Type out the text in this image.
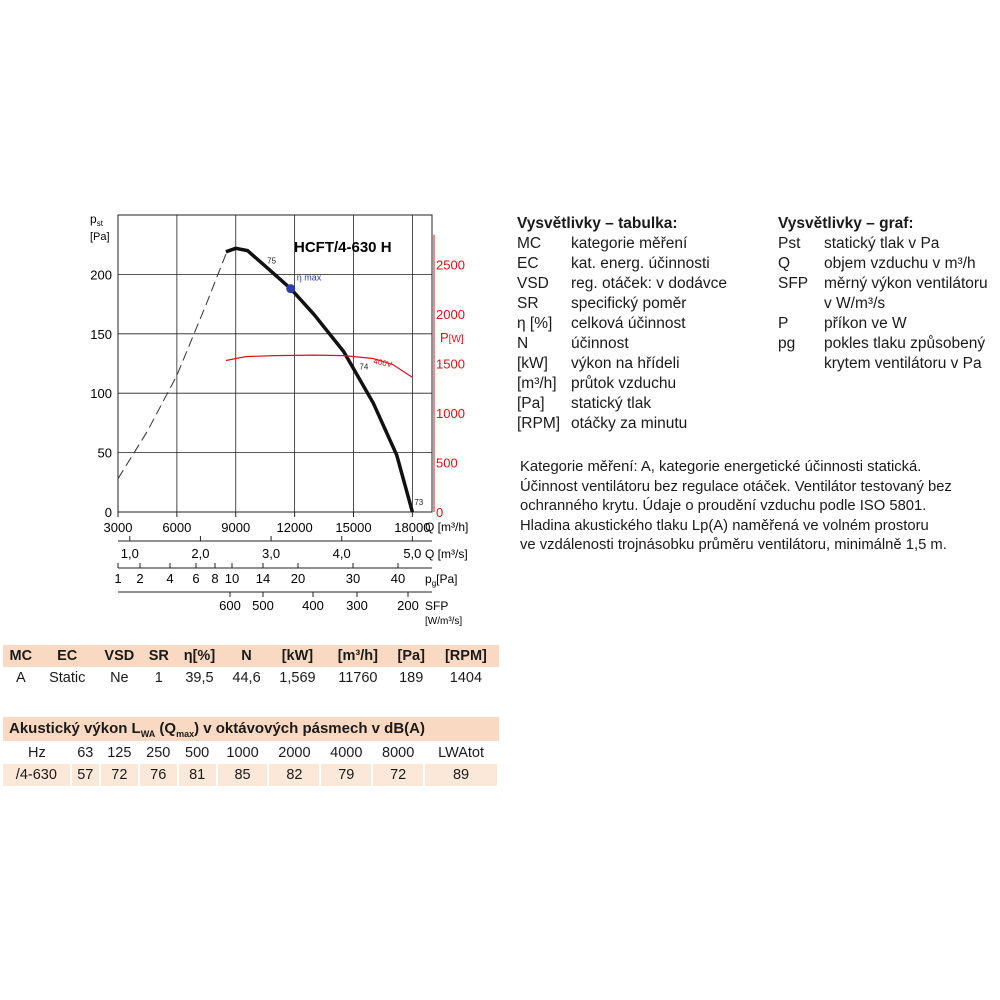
3000 6000 9000 12000 15000 18000
0
50
100
150
200
0
500
1000
1500
2000
2500
$p_{st}$
[Pa]
P[W]
HCFT/4-630 H
Q [m³/h]
1,0	2,0	3,0	4,0	5,0 Q [m³/s]
1 2 4 6 8 10 14 20	30 40 $p_g[Pa]$
600 500 400 300 200 SFP
[W/m³/s]
η max
75
74
73
400V
Vysvětlivky – tabulka:
MC	kategorie měření
EC	kat. energ. účinnosti
VSD	reg. otáček: v dodávce
SR	specifický poměr
η [%]	celková účinnost
N	účinnost
[kW]	výkon na hřídeli
[m³/h] průtok vzduchu
[Pa]	statický tlak
[RPM] otáčky za minutu
Vysvětlivky – graf:
Pst	statický tlak v Pa
Q	objem vzduchu v m³/h
SFP	měrný výkon ventilátoru
v W/m³/s
P	příkon ve W
pg	pokles tlaku způsobený
krytem ventilátoru v Pa

Kategorie měření: A, kategorie energetické účinnosti statická.

Účinnost ventilátoru bez regulace otáček. Ventilátor testovaný bez

ochranného krytu. Údaje o proudění vzduchu podle ISO 5801.

Hladina akustického tlaku Lp(A) naměřená ve volném prostoru

ve vzdálenosti trojnásobku průměru ventilátoru, minimálně 1,5 m.

MC	EC	VSD	SR	η[%]	N	[kW]	[m³/h]	[Pa]	[RPM]
A	Static	Ne	1	39,5	44,6	1,569	11760	189	1404
Akustický výkon $L_{WA}$ $(Q_{max})$ v oktávových pásmech v dB(A)
Hz	63	125	250	500	1000	2000	4000	8000	LWAtot
/4-630	57	72	76	81	85	82	79	72	89
